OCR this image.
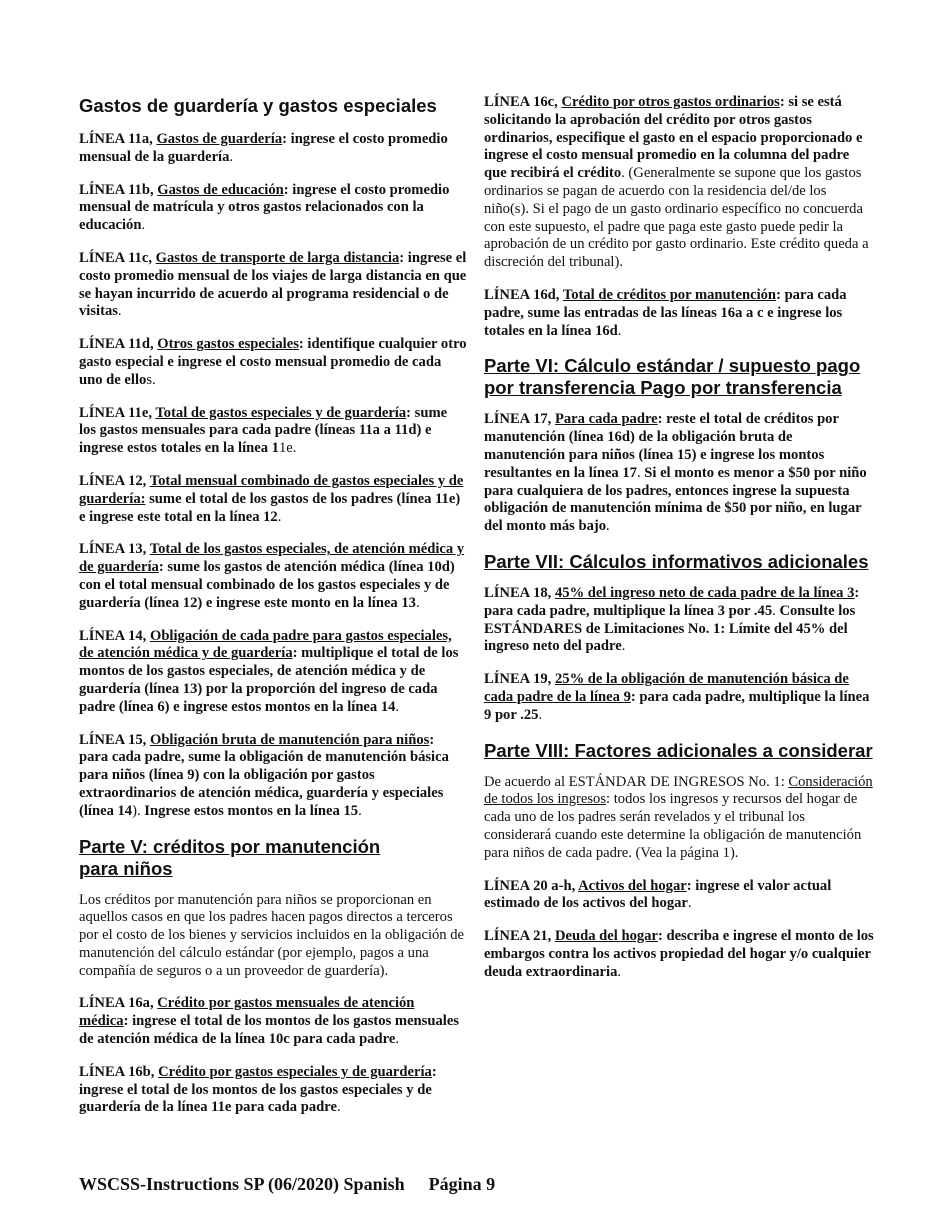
Gastos de guardería y gastos especiales

LÍNEA 11a, Gastos de guardería: ingrese el costo promedio mensual de la guardería.

LÍNEA 11b, Gastos de educación: ingrese el costo promedio mensual de matrícula y otros gastos relacionados con la educación.

LÍNEA 11c, Gastos de transporte de larga distancia: ingrese el costo promedio mensual de los viajes de larga distancia en que se hayan incurrido de acuerdo al programa residencial o de visitas.

LÍNEA 11d, Otros gastos especiales: identifique cualquier otro gasto especial e ingrese el costo mensual promedio de cada uno de ellos.

LÍNEA 11e, Total de gastos especiales y de guardería: sume los gastos mensuales para cada padre (líneas 11a a 11d) e ingrese estos totales en la línea 11e.

LÍNEA 12, Total mensual combinado de gastos especiales y de guardería: sume el total de los gastos de los padres (línea 11e) e ingrese este total en la línea 12.

LÍNEA 13, Total de los gastos especiales, de atención médica y de guardería: sume los gastos de atención médica (línea 10d) con el total mensual combinado de los gastos especiales y de guardería (línea 12) e ingrese este monto en la línea 13.

LÍNEA 14, Obligación de cada padre para gastos especiales, de atención médica y de guardería: multiplique el total de los montos de los gastos especiales, de atención médica y de guardería (línea 13) por la proporción del ingreso de cada padre (línea 6) e ingrese estos montos en la línea 14.

LÍNEA 15, Obligación bruta de manutención para niños: para cada padre, sume la obligación de manutención básica para niños (línea 9) con la obligación por gastos extraordinarios de atención médica, guardería y especiales (línea 14). Ingrese estos montos en la línea 15.

Parte V: créditos por manutención
para niños

Los créditos por manutención para niños se proporcionan en aquellos casos en que los padres hacen pagos directos a terceros por el costo de los bienes y servicios incluidos en la obligación de manutención del cálculo estándar (por ejemplo, pagos a una compañía de seguros o a un proveedor de guardería).

LÍNEA 16a, Crédito por gastos mensuales de atención médica: ingrese el total de los montos de los gastos mensuales de atención médica de la línea 10c para cada padre.

LÍNEA 16b, Crédito por gastos especiales y de guardería: ingrese el total de los montos de los gastos especiales y de guardería de la línea 11e para cada padre.

LÍNEA 16c, Crédito por otros gastos ordinarios: si se está solicitando la aprobación del crédito por otros gastos ordinarios, especifique el gasto en el espacio proporcionado e ingrese el costo mensual promedio en la columna del padre que recibirá el crédito. (Generalmente se supone que los gastos ordinarios se pagan de acuerdo con la residencia del/de los niño(s). Si el pago de un gasto ordinario específico no concuerda con este supuesto, el padre que paga este gasto puede pedir la aprobación de un crédito por gasto ordinario. Este crédito queda a discreción del tribunal).

LÍNEA 16d, Total de créditos por manutención: para cada padre, sume las entradas de las líneas 16a a c e ingrese los totales en la línea 16d.

Parte VI: Cálculo estándar / supuesto pago
por transferencia Pago por transferencia

LÍNEA 17, Para cada padre: reste el total de créditos por manutención (línea 16d) de la obligación bruta de manutención para niños (línea 15) e ingrese los montos resultantes en la línea 17. Si el monto es menor a $50 por niño para cualquiera de los padres, entonces ingrese la supuesta obligación de manutención mínima de $50 por niño, en lugar del monto más bajo.

Parte VII: Cálculos informativos adicionales

LÍNEA 18, 45% del ingreso neto de cada padre de la línea 3: para cada padre, multiplique la línea 3 por .45. Consulte los ESTÁNDARES de Limitaciones No. 1: Límite del 45% del ingreso neto del padre.

LÍNEA 19, 25% de la obligación de manutención básica de cada padre de la línea 9: para cada padre, multiplique la línea 9 por .25.

Parte VIII: Factores adicionales a considerar

De acuerdo al ESTÁNDAR DE INGRESOS No. 1: Consideración de todos los ingresos: todos los ingresos y recursos del hogar de cada uno de los padres serán revelados y el tribunal los considerará cuando este determine la obligación de manutención para niños de cada padre. (Vea la página 1).

LÍNEA 20 a-h, Activos del hogar: ingrese el valor actual estimado de los activos del hogar.

LÍNEA 21, Deuda del hogar: describa e ingrese el monto de los embargos contra los activos propiedad del hogar y/o cualquier deuda extraordinaria.

WSCSS-Instructions SP (06/2020) Spanish Página 9
